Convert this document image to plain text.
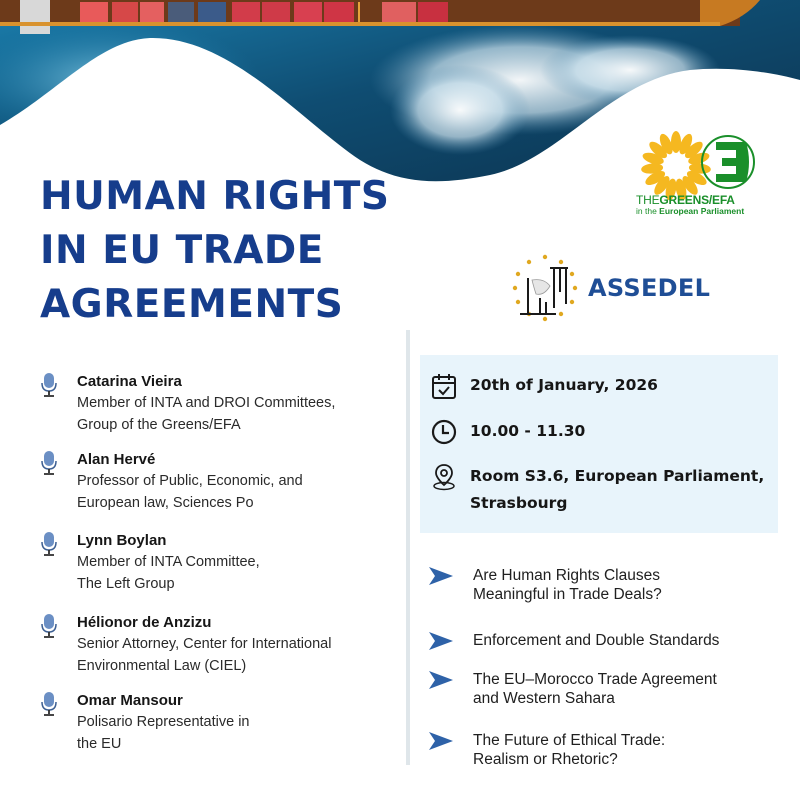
HUMAN RIGHTS
IN EU TRADE
AGREEMENTS
THEGREENS/EFA
in the European Parliament
ASSEDEL
Catarina Vieira
Member of INTA and DROI Committees,
Group of the Greens/EFA
Alan Hervé
Professor of Public, Economic, and
European law, Sciences Po
Lynn Boylan
Member of INTA Committee,
The Left Group
Hélionor de Anzizu
Senior Attorney, Center for International
Environmental Law (CIEL)
Omar Mansour
Polisario Representative in
the EU
20th of January, 2026
10.00 - 11.30
Room S3.6, European Parliament,
Strasbourg
Are Human Rights Clauses
Meaningful in Trade Deals?
Enforcement and Double Standards
The EU–Morocco Trade Agreement
and Western Sahara
The Future of Ethical Trade:
Realism or Rhetoric?
